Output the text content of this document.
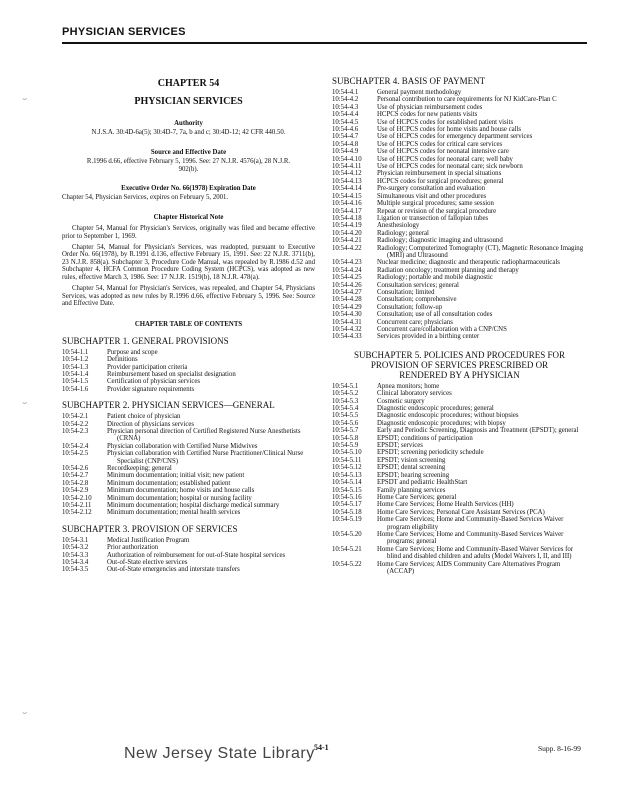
PHYSICIAN SERVICES
⌣
⌣
⌣
CHAPTER 54
PHYSICIAN SERVICES
Authority
N.J.S.A. 30:4D-6a(5); 30:4D-7, 7a, b and c; 30:4D-12; 42 CFR 440.50.
Source and Effective Date
R.1996 d.66, effective February 5, 1996. See: 27 N.J.R. 4576(a), 28 N.J.R. 902(b).
Executive Order No. 66(1978) Expiration Date
Chapter 54, Physician Services, expires on February 5, 2001.
Chapter Historical Note

Chapter 54, Manual for Physician's Services, originally was filed and became effective prior to September 1, 1969.

Chapter 54, Manual for Physician's Services, was readopted, pursuant to Executive Order No. 66(1978), by R.1991 d.136, effective February 15, 1991. See: 22 N.J.R. 3711(b), 23 N.J.R. 858(a). Subchapter 3, Procedure Code Manual, was repealed by R.1986 d.52 and Subchapter 4, HCFA Common Procedure Coding System (HCPCS), was adopted as new rules, effective March 3, 1986. See: 17 N.J.R. 1519(b), 18 N.J.R. 478(a).

Chapter 54, Manual for Physician's Services, was repealed, and Chapter 54, Physicians Services, was adopted as new rules by R.1996 d.66, effective February 5, 1996. See: Source and Effective Date.

CHAPTER TABLE OF CONTENTS
SUBCHAPTER 1. GENERAL PROVISIONS
10:54-1.1	Purpose and scope
10:54-1.2	Definitions
10:54-1.3	Provider participation criteria
10:54-1.4	Reimbursement based on specialist designation
10:54-1.5	Certification of physician services
10:54-1.6	Provider signature requirements
SUBCHAPTER 2. PHYSICIAN SERVICES—GENERAL
10:54-2.1	Patient choice of physician
10:54-2.2	Direction of physicians services
10:54-2.3	Physician personal direction of Certified Registered Nurse Anesthetists (CRNA)
10:54-2.4	Physician collaboration with Certified Nurse Midwives
10:54-2.5	Physician collaboration with Certified Nurse Practitioner/Clinical Nurse Specialist (CNP/CNS)
10:54-2.6	Recordkeeping; general
10:54-2.7	Minimum documentation; initial visit; new patient
10:54-2.8	Minimum documentation; established patient
10:54-2.9	Minimum documentation; home visits and house calls
10:54-2.10	Minimum documentation; hospital or nursing facility
10:54-2.11	Minimum documentation; hospital discharge medical summary
10:54-2.12	Minimum documentation; mental health services
SUBCHAPTER 3. PROVISION OF SERVICES
10:54-3.1	Medical Justification Program
10:54-3.2	Prior authorization
10:54-3.3	Authorization of reimbursement for out-of-State hospital services
10:54-3.4	Out-of-State elective services
10:54-3.5	Out-of-State emergencies and interstate transfers
SUBCHAPTER 4. BASIS OF PAYMENT
10:54-4.1	General payment methodology
10:54-4.2	Personal contribution to care requirements for NJ KidCare-Plan C
10:54-4.3	Use of physician reimbursement codes
10:54-4.4	HCPCS codes for new patients visits
10:54-4.5	Use of HCPCS codes for established patient visits
10:54-4.6	Use of HCPCS codes for home visits and house calls
10:54-4.7	Use of HCPCS codes for emergency department services
10:54-4.8	Use of HCPCS codes for critical care services
10:54-4.9	Use of HCPCS codes for neonatal intensive care
10:54-4.10	Use of HCPCS codes for neonatal care; well baby
10:54-4.11	Use of HCPCS codes for neonatal care; sick newborn
10:54-4.12	Physician reimbursement in special situations
10:54-4.13	HCPCS codes for surgical procedures; general
10:54-4.14	Pre-surgery consultation and evaluation
10:54-4.15	Simultaneous visit and other procedures
10:54-4.16	Multiple surgical procedures; same session
10:54-4.17	Repeat or revision of the surgical procedure
10:54-4.18	Ligation or transection of fallopian tubes
10:54-4.19	Anesthesiology
10:54-4.20	Radiology; general
10:54-4.21	Radiology; diagnostic imaging and ultrasound
10:54-4.22	Radiology; Computerized Tomography (CT), Magnetic Resonance Imaging (MRI) and Ultrasound
10:54-4.23	Nuclear medicine; diagnostic and therapeutic radiopharmaceuticals
10:54-4.24	Radiation oncology; treatment planning and therapy
10:54-4.25	Radiology; portable and mobile diagnostic
10:54-4.26	Consultation services; general
10:54-4.27	Consultation; limited
10:54-4.28	Consultation; comprehensive
10:54-4.29	Consultation; follow-up
10:54-4.30	Consultation; use of all consultation codes
10:54-4.31	Concurrent care; physicians
10:54-4.32	Concurrent care/collaboration with a CNP/CNS
10:54-4.33	Services provided in a birthing center
SUBCHAPTER 5. POLICIES AND PROCEDURES FOR
PROVISION OF SERVICES PRESCRIBED OR
RENDERED BY A PHYSICIAN
10:54-5.1	Apnea monitors; home
10:54-5.2	Clinical laboratory services
10:54-5.3	Cosmetic surgery
10:54-5.4	Diagnostic endoscopic procedures; general
10:54-5.5	Diagnostic endoscopic procedures; without biopsies
10:54-5.6	Diagnostic endoscopic procedures; with biopsy
10:54-5.7	Early and Periodic Screening, Diagnosis and Treatment (EPSDT); general
10:54-5.8	EPSDT; conditions of participation
10:54-5.9	EPSDT; services
10:54-5.10	EPSDT; screening periodicity schedule
10:54-5.11	EPSDT; vision screening
10:54-5.12	EPSDT; dental screening
10:54-5.13	EPSDT; hearing screening
10:54-5.14	EPSDT and pediatric HealthStart
10:54-5.15	Family planning services
10:54-5.16	Home Care Services; general
10:54-5.17	Home Care Services; Home Health Services (HH)
10:54-5.18	Home Care Services; Personal Care Assistant Services (PCA)
10:54-5.19	Home Care Services; Home and Community-Based Services Waiver program eligibility
10:54-5.20	Home Care Services; Home and Community-Based Services Waiver programs; general
10:54-5.21	Home Care Services; Home and Community-Based Waiver Services for blind and disabled children and adults (Model Waivers I, II, and III)
10:54-5.22	Home Care Services; AIDS Community Care Alternatives Program (ACCAP)
New Jersey State Library 54-1	Supp. 8-16-99
